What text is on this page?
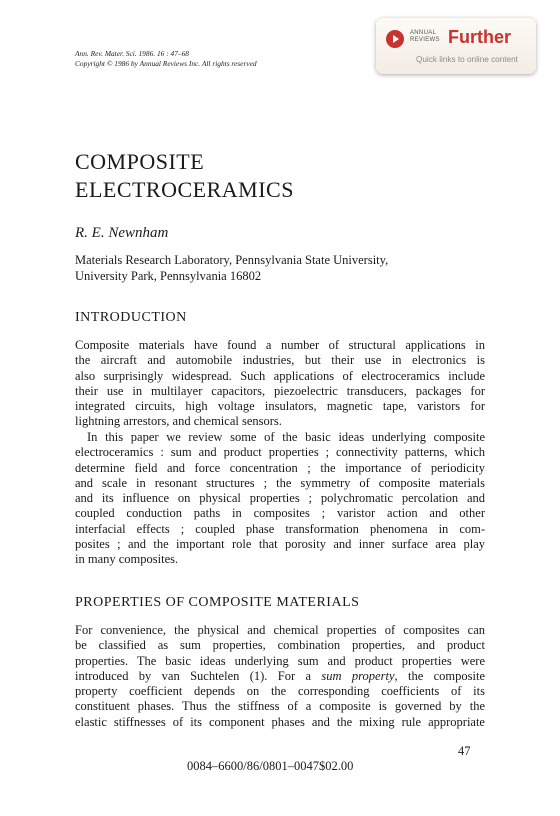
Ann. Rev. Mater. Sci. 1986. 16 : 47–68
Copyright © 1986 by Annual Reviews Inc. All rights reserved
ANNUAL
REVIEWS Further
Quick links to online content
COMPOSITE
ELECTROCERAMICS
R. E. Newnham
Materials Research Laboratory, Pennsylvania State University,
University Park, Pennsylvania 16802
INTRODUCTION
Composite materials have found a number of structural applications in
the aircraft and automobile industries, but their use in electronics is
also surprisingly widespread. Such applications of electroceramics include
their use in multilayer capacitors, piezoelectric transducers, packages for
integrated circuits, high voltage insulators, magnetic tape, varistors for
lightning arrestors, and chemical sensors.
In this paper we review some of the basic ideas underlying composite
electroceramics : sum and product properties ; connectivity patterns, which
determine field and force concentration ; the importance of periodicity
and scale in resonant structures ; the symmetry of composite materials
and its influence on physical properties ; polychromatic percolation and
coupled conduction paths in composites ; varistor action and other
interfacial effects ; coupled phase transformation phenomena in com-
posites ; and the important role that porosity and inner surface area play
in many composites.
PROPERTIES OF COMPOSITE MATERIALS
For convenience, the physical and chemical properties of composites can
be classified as sum properties, combination properties, and product
properties. The basic ideas underlying sum and product properties were
introduced by van Suchtelen (1). For a sum property, the composite
property coefficient depends on the corresponding coefficients of its
constituent phases. Thus the stiffness of a composite is governed by the
elastic stiffnesses of its component phases and the mixing rule appropriate
47
0084–6600/86/0801–0047$02.00
